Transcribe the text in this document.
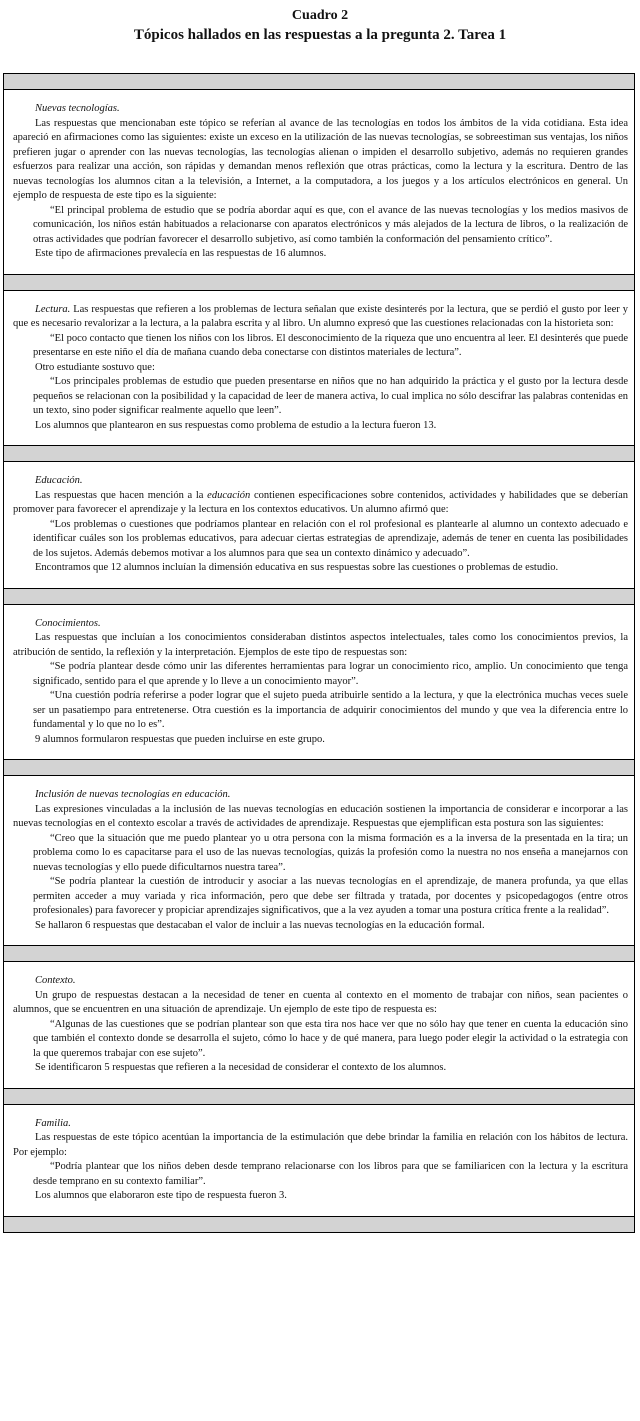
Cuadro 2
Tópicos hallados en las respuestas a la pregunta 2. Tarea 1

Nuevas tecnologías.

Las respuestas que mencionaban este tópico se referían al avance de las tecnologías en todos los ámbitos de la vida cotidiana. Esta idea apareció en afirmaciones como las siguientes: existe un exceso en la utilización de las nuevas tecnologías, se sobreestiman sus ventajas, los niños prefieren jugar o aprender con las nuevas tecnologías, las tecnologías alienan o impiden el desarrollo subjetivo, además no requieren grandes esfuerzos para realizar una acción, son rápidas y demandan menos reflexión que otras prácticas, como la lectura y la escritura. Dentro de las nuevas tecnologías los alumnos citan a la televisión, a Internet, a la computadora, a los juegos y a los artículos electrónicos en general. Un ejemplo de respuesta de este tipo es la siguiente:

“El principal problema de estudio que se podría abordar aquí es que, con el avance de las nuevas tecnologías y los medios masivos de comunicación, los niños están habituados a relacionarse con aparatos electrónicos y más alejados de la lectura de libros, o la realización de otras actividades que podrían favorecer el desarrollo subjetivo, así como también la conformación del pensamiento crítico”.

Este tipo de afirmaciones prevalecía en las respuestas de 16 alumnos.

Lectura. Las respuestas que refieren a los problemas de lectura señalan que existe desinterés por la lectura, que se perdió el gusto por leer y que es necesario revalorizar a la lectura, a la palabra escrita y al libro. Un alumno expresó que las cuestiones relacionadas con la historieta son:

“El poco contacto que tienen los niños con los libros. El desconocimiento de la riqueza que uno encuentra al leer. El desinterés que puede presentarse en este niño el día de mañana cuando deba conectarse con distintos materiales de lectura”.

Otro estudiante sostuvo que:

“Los principales problemas de estudio que pueden presentarse en niños que no han adquirido la práctica y el gusto por la lectura desde pequeños se relacionan con la posibilidad y la capacidad de leer de manera activa, lo cual implica no sólo descifrar las palabras contenidas en un texto, sino poder significar realmente aquello que leen”.

Los alumnos que plantearon en sus respuestas como problema de estudio a la lectura fueron 13.

Educación.

Las respuestas que hacen mención a la educación contienen especificaciones sobre contenidos, actividades y habilidades que se deberían promover para favorecer el aprendizaje y la lectura en los contextos educativos. Un alumno afirmó que:

“Los problemas o cuestiones que podríamos plantear en relación con el rol profesional es plantearle al alumno un contexto adecuado e identificar cuáles son los problemas educativos, para adecuar ciertas estrategias de aprendizaje, además de tener en cuenta las posibilidades de los sujetos. Además debemos motivar a los alumnos para que sea un contexto dinámico y adecuado”.

Encontramos que 12 alumnos incluían la dimensión educativa en sus respuestas sobre las cuestiones o problemas de estudio.

Conocimientos.

Las respuestas que incluían a los conocimientos consideraban distintos aspectos intelectuales, tales como los conocimientos previos, la atribución de sentido, la reflexión y la interpretación. Ejemplos de este tipo de respuestas son:

“Se podría plantear desde cómo unir las diferentes herramientas para lograr un conocimiento rico, amplio. Un conocimiento que tenga significado, sentido para el que aprende y lo lleve a un conocimiento mayor”.

“Una cuestión podría referirse a poder lograr que el sujeto pueda atribuirle sentido a la lectura, y que la electrónica muchas veces suele ser un pasatiempo para entretenerse. Otra cuestión es la importancia de adquirir conocimientos del mundo y que vea la diferencia entre lo fundamental y lo que no lo es”.

9 alumnos formularon respuestas que pueden incluirse en este grupo.

Inclusión de nuevas tecnologías en educación.

Las expresiones vinculadas a la inclusión de las nuevas tecnologías en educación sostienen la importancia de considerar e incorporar a las nuevas tecnologías en el contexto escolar a través de actividades de aprendizaje. Respuestas que ejemplifican esta postura son las siguientes:

“Creo que la situación que me puedo plantear yo u otra persona con la misma formación es a la inversa de la presentada en la tira; un problema como lo es capacitarse para el uso de las nuevas tecnologías, quizás la profesión como la nuestra no nos enseña a manejarnos con nuevas tecnologías y ello puede dificultarnos nuestra tarea”.

“Se podría plantear la cuestión de introducir y asociar a las nuevas tecnologías en el aprendizaje, de manera profunda, ya que ellas permiten acceder a muy variada y rica información, pero que debe ser filtrada y tratada, por docentes y psicopedagogos (entre otros profesionales) para favorecer y propiciar aprendizajes significativos, que a la vez ayuden a tomar una postura crítica frente a la realidad”.

Se hallaron 6 respuestas que destacaban el valor de incluir a las nuevas tecnologías en la educación formal.

Contexto.

Un grupo de respuestas destacan a la necesidad de tener en cuenta al contexto en el momento de trabajar con niños, sean pacientes o alumnos, que se encuentren en una situación de aprendizaje. Un ejemplo de este tipo de respuesta es:

“Algunas de las cuestiones que se podrían plantear son que esta tira nos hace ver que no sólo hay que tener en cuenta la educación sino que también el contexto donde se desarrolla el sujeto, cómo lo hace y de qué manera, para luego poder elegir la actividad o la estrategia con la que queremos trabajar con ese sujeto”.

Se identificaron 5 respuestas que refieren a la necesidad de considerar el contexto de los alumnos.

Familia.

Las respuestas de este tópico acentúan la importancia de la estimulación que debe brindar la familia en relación con los hábitos de lectura. Por ejemplo:

“Podría plantear que los niños deben desde temprano relacionarse con los libros para que se familiaricen con la lectura y la escritura desde temprano en su contexto familiar”.

Los alumnos que elaboraron este tipo de respuesta fueron 3.
